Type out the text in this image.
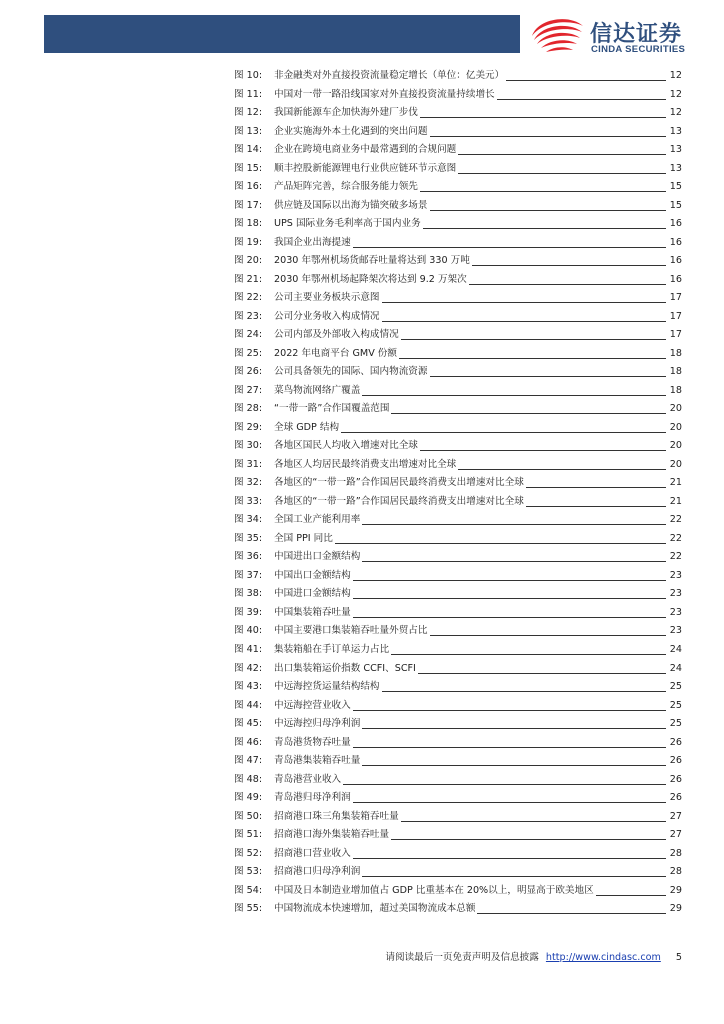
信达证券
CINDA SECURITIES
图 10:	非金融类对外直接投资流量稳定增长（单位：亿美元）	12
图 11:	中国对一带一路沿线国家对外直接投资流量持续增长	12
图 12:	我国新能源车企加快海外建厂步伐	12
图 13:	企业实施海外本土化遇到的突出问题	13
图 14:	企业在跨境电商业务中最常遇到的合规问题	13
图 15:	顺丰控股新能源锂电行业供应链环节示意图	13
图 16:	产品矩阵完善，综合服务能力领先	15
图 17:	供应链及国际以出海为锚突破多场景	15
图 18:	UPS 国际业务毛利率高于国内业务	16
图 19:	我国企业出海提速	16
图 20:	2030 年鄂州机场货邮吞吐量将达到 330 万吨	16
图 21:	2030 年鄂州机场起降架次将达到 9.2 万架次	16
图 22:	公司主要业务板块示意图	17
图 23:	公司分业务收入构成情况	17
图 24:	公司内部及外部收入构成情况	17
图 25:	2022 年电商平台 GMV 份额	18
图 26:	公司具备领先的国际、国内物流资源	18
图 27:	菜鸟物流网络广覆盖	18
图 28:	“一带一路”合作国覆盖范围	20
图 29:	全球 GDP 结构	20
图 30:	各地区国民人均收入增速对比全球	20
图 31:	各地区人均居民最终消费支出增速对比全球	20
图 32:	各地区的“一带一路”合作国居民最终消费支出增速对比全球	21
图 33:	各地区的“一带一路”合作国居民最终消费支出增速对比全球	21
图 34:	全国工业产能利用率	22
图 35:	全国 PPI 同比	22
图 36:	中国进出口金额结构	22
图 37:	中国出口金额结构	23
图 38:	中国进口金额结构	23
图 39:	中国集装箱吞吐量	23
图 40:	中国主要港口集装箱吞吐量外贸占比	23
图 41:	集装箱船在手订单运力占比	24
图 42:	出口集装箱运价指数 CCFI、SCFI	24
图 43:	中远海控货运量结构结构	25
图 44:	中远海控营业收入	25
图 45:	中远海控归母净利润	25
图 46:	青岛港货物吞吐量	26
图 47:	青岛港集装箱吞吐量	26
图 48:	青岛港营业收入	26
图 49:	青岛港归母净利润	26
图 50:	招商港口珠三角集装箱吞吐量	27
图 51:	招商港口海外集装箱吞吐量	27
图 52:	招商港口营业收入	28
图 53:	招商港口归母净利润	28
图 54:	中国及日本制造业增加值占 GDP 比重基本在 20%以上，明显高于欧美地区	29
图 55:	中国物流成本快速增加，超过美国物流成本总额	29
请阅读最后一页免责声明及信息披露 http://www.cindasc.com 5
